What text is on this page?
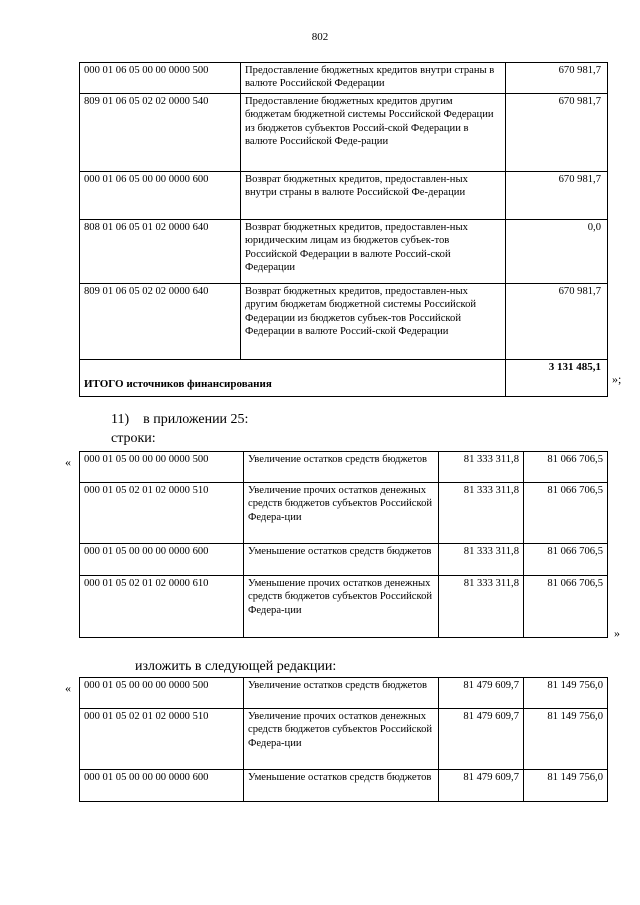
802
000 01 06 05 00 00 0000 500	Предоставление бюджетных кредитов внутри страны в валюте Российской Федерации	670 981,7
809 01 06 05 02 02 0000 540	Предоставление бюджетных кредитов другим бюджетам бюджетной системы Российской Федерации из бюджетов субъектов Россий-ской Федерации в валюте Российской Феде-рации	670 981,7
000 01 06 05 00 00 0000 600	Возврат бюджетных кредитов, предоставлен-ных внутри страны в валюте Российской Фе-дерации	670 981,7
808 01 06 05 01 02 0000 640	Возврат бюджетных кредитов, предоставлен-ных юридическим лицам из бюджетов субъек-тов Российской Федерации в валюте Россий-ской Федерации	0,0
809 01 06 05 02 02 0000 640	Возврат бюджетных кредитов, предоставлен-ных другим бюджетам бюджетной системы Российской Федерации из бюджетов субъек-тов Российской Федерации в валюте Россий-ской Федерации	670 981,7
ИТОГО источников финансирования		3 131 485,1
»;
11)    в приложении 25:
строки:
« 000 01 05 00 00 00 0000 500	Увеличение остатков средств бюджетов	81 333 311,8	81 066 706,5
000 01 05 02 01 02 0000 510	Увеличение прочих остатков денежных средств бюджетов субъектов Российской Федера-ции	81 333 311,8	81 066 706,5
000 01 05 00 00 00 0000 600	Уменьшение остатков средств бюджетов	81 333 311,8	81 066 706,5
000 01 05 02 01 02 0000 610	Уменьшение прочих остатков денежных средств бюджетов субъектов Российской Федера-ции	81 333 311,8	81 066 706,5
»
изложить в следующей редакции:
« 000 01 05 00 00 00 0000 500	Увеличение остатков средств бюджетов	81 479 609,7	81 149 756,0
000 01 05 02 01 02 0000 510	Увеличение прочих остатков денежных средств бюджетов субъектов Российской Федера-ции	81 479 609,7	81 149 756,0
000 01 05 00 00 00 0000 600	Уменьшение остатков средств бюджетов	81 479 609,7	81 149 756,0
